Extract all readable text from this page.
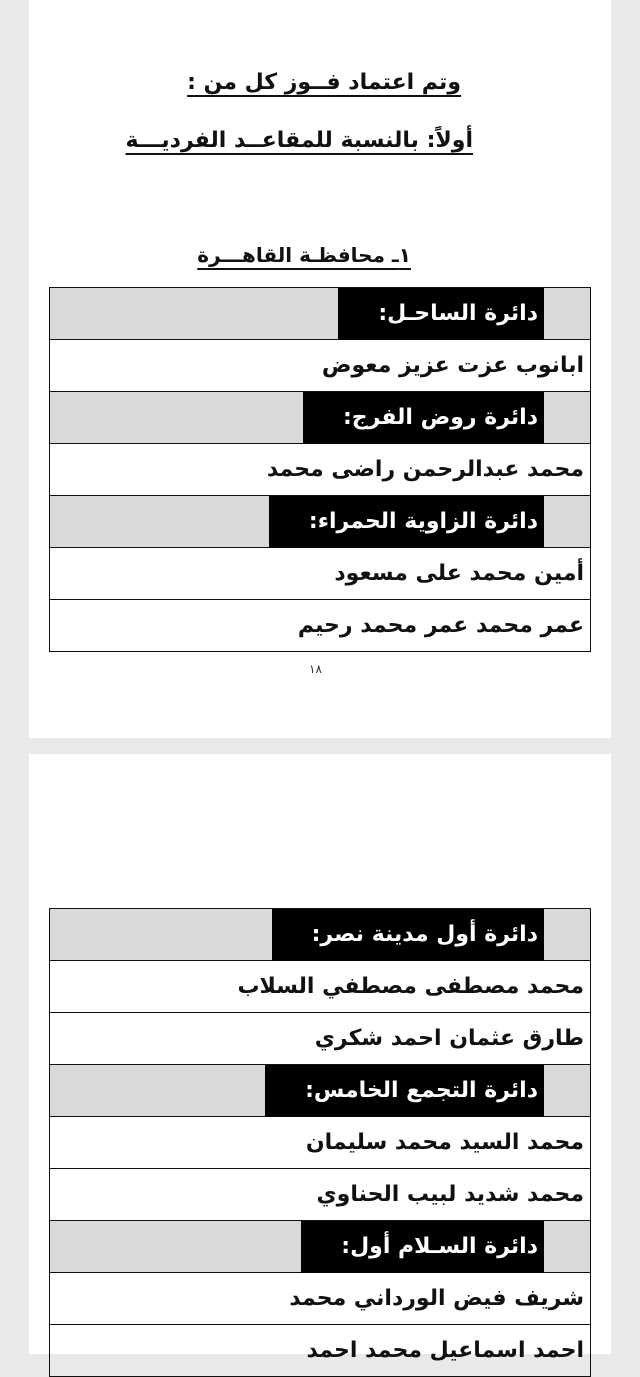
وتم اعتماد فــوز كل من :
أولاً: بالنسبة للمقاعــد الفرديـــة
١ـ محافظـة القاهـــرة
دائرة الساحـل:
ابانوب عزت عزيز معوض
دائرة روض الفرج:
محمد عبدالرحمن راضى محمد
دائرة الزاوية الحمراء:
أمين محمد على مسعود
عمر محمد عمر محمد رحيم
١٨
دائرة أول مدينة نصر:
محمد مصطفى مصطفي السلاب
طارق عثمان احمد شكري
دائرة التجمع الخامس:
محمد السيد محمد سليمان
محمد شديد لبيب الحناوي
دائرة السـلام أول:
شريف فيض الورداني محمد
احمد اسماعيل محمد احمد
